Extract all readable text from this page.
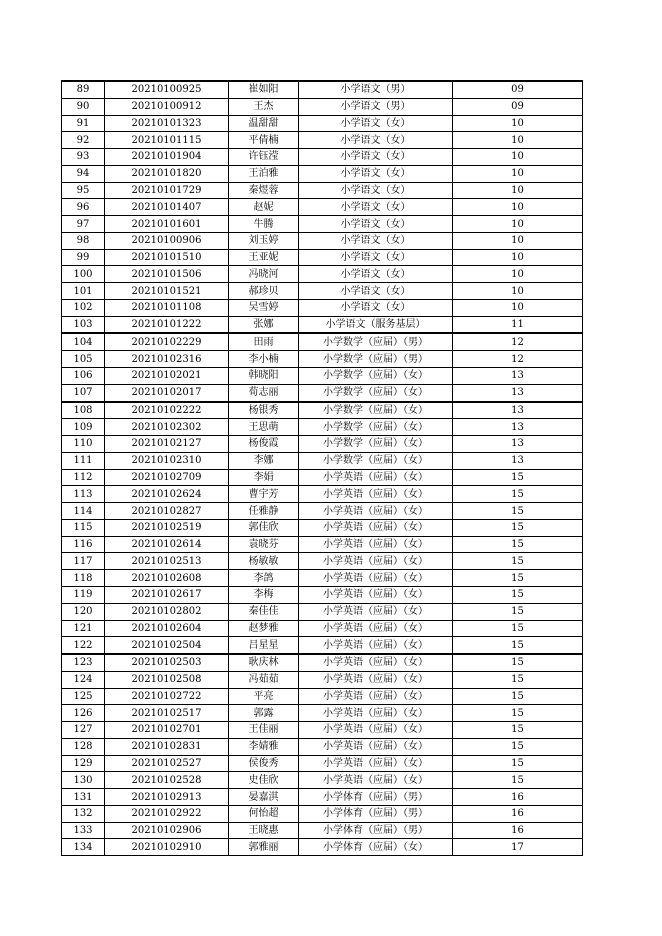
89	20210100925	崔如阳	小学语文（男）	09
90	20210100912	王杰	小学语文（男）	09
91	20210101323	温甜甜	小学语文（女）	10
92	20210101115	平倩楠	小学语文（女）	10
93	20210101904	许钰滢	小学语文（女）	10
94	20210101820	王泊雅	小学语文（女）	10
95	20210101729	秦煜蓉	小学语文（女）	10
96	20210101407	赵妮	小学语文（女）	10
97	20210101601	牛腾	小学语文（女）	10
98	20210100906	刘玉婷	小学语文（女）	10
99	20210101510	王亚妮	小学语文（女）	10
100	20210101506	冯晓河	小学语文（女）	10
101	20210101521	郝珍贝	小学语文（女）	10
102	20210101108	吴雪婷	小学语文（女）	10
103	20210101222	张娜	小学语文（服务基层）	11
104	20210102229	田雨	小学数学（应届）（男）	12
105	20210102316	李小楠	小学数学（应届）（男）	12
106	20210102021	韩晓阳	小学数学（应届）（女）	13
107	20210102017	荀志丽	小学数学（应届）（女）	13
108	20210102222	杨银秀	小学数学（应届）（女）	13
109	20210102302	王思萌	小学数学（应届）（女）	13
110	20210102127	杨俊霞	小学数学（应届）（女）	13
111	20210102310	李娜	小学数学（应届）（女）	13
112	20210102709	李娟	小学英语（应届）（女）	15
113	20210102624	曹宇芳	小学英语（应届）（女）	15
114	20210102827	任雅静	小学英语（应届）（女）	15
115	20210102519	郭佳欣	小学英语（应届）（女）	15
116	20210102614	袁晓芬	小学英语（应届）（女）	15
117	20210102513	杨敏敏	小学英语（应届）（女）	15
118	20210102608	李鸽	小学英语（应届）（女）	15
119	20210102617	李梅	小学英语（应届）（女）	15
120	20210102802	秦佳佳	小学英语（应届）（女）	15
121	20210102604	赵梦雅	小学英语（应届）（女）	15
122	20210102504	吕星星	小学英语（应届）（女）	15
123	20210102503	耿庆林	小学英语（应届）（女）	15
124	20210102508	冯茹茹	小学英语（应届）（女）	15
125	20210102722	平亮	小学英语（应届）（女）	15
126	20210102517	郭露	小学英语（应届）（女）	15
127	20210102701	王佳丽	小学英语（应届）（女）	15
128	20210102831	李婧雅	小学英语（应届）（女）	15
129	20210102527	侯俊秀	小学英语（应届）（女）	15
130	20210102528	史佳欣	小学英语（应届）（女）	15
131	20210102913	晏嘉淇	小学体育（应届）（男）	16
132	20210102922	何怡超	小学体育（应届）（男）	16
133	20210102906	王晓惠	小学体育（应届）（男）	16
134	20210102910	郭雅丽	小学体育（应届）（女）	17
